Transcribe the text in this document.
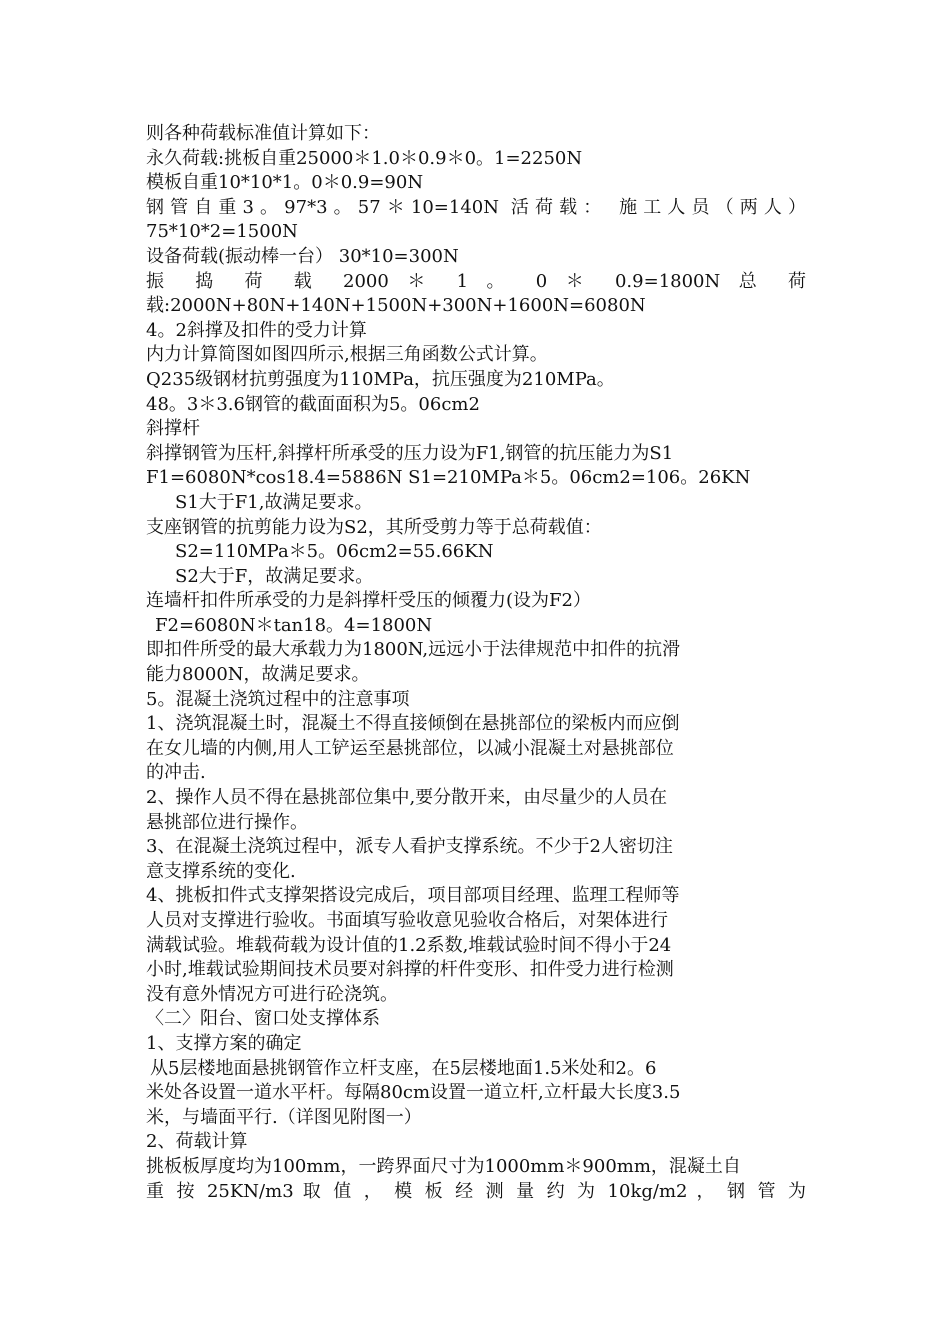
则各种荷载标准值计算如下：
永久荷载:挑板自重25000＊1.0＊0.9＊0。1=2250N
模板自重10*10*1。0＊0.9=90N
钢管自重3。97*3。57＊10=140N 活荷载： 施工人员（两人）
75*10*2=1500N
设备荷载(振动棒一台） 30*10=300N
振 捣 荷 载 2000 ＊ 1 。 0 ＊ 0.9=1800N 总 荷
载:2000N+80N+140N+1500N+300N+1600N=6080N
4。2斜撑及扣件的受力计算
内力计算简图如图四所示,根据三角函数公式计算。
Q235级钢材抗剪强度为110MPa，抗压强度为210MPa。
48。3＊3.6钢管的截面面积为5。06cm2
斜撑杆
斜撑钢管为压杆,斜撑杆所承受的压力设为F1,钢管的抗压能力为S1
F1=6080N*cos18.4=5886N S1=210MPa＊5。06cm2=106。26KN
S1大于F1,故满足要求。
支座钢管的抗剪能力设为S2，其所受剪力等于总荷载值：
S2=110MPa＊5。06cm2=55.66KN
S2大于F，故满足要求。
连墙杆扣件所承受的力是斜撑杆受压的倾覆力(设为F2）
F2=6080N＊tan18。4=1800N
即扣件所受的最大承载力为1800N,远远小于法律规范中扣件的抗滑
能力8000N，故满足要求。
5。混凝土浇筑过程中的注意事项
1、浇筑混凝土时，混凝土不得直接倾倒在悬挑部位的梁板内而应倒
在女儿墙的内侧,用人工铲运至悬挑部位，以减小混凝土对悬挑部位
的冲击.
2、操作人员不得在悬挑部位集中,要分散开来，由尽量少的人员在
悬挑部位进行操作。
3、在混凝土浇筑过程中，派专人看护支撑系统。不少于2人密切注
意支撑系统的变化.
4、挑板扣件式支撑架搭设完成后，项目部项目经理、监理工程师等
人员对支撑进行验收。书面填写验收意见验收合格后，对架体进行
满载试验。堆载荷载为设计值的1.2系数,堆载试验时间不得小于24
小时,堆载试验期间技术员要对斜撑的杆件变形、扣件受力进行检测
没有意外情况方可进行砼浇筑。
〈二〉阳台、窗口处支撑体系
1、支撑方案的确定
从5层楼地面悬挑钢管作立杆支座，在5层楼地面1.5米处和2。6
米处各设置一道水平杆。每隔80cm设置一道立杆,立杆最大长度3.5
米，与墙面平行.（详图见附图一）
2、荷载计算
挑板板厚度均为100mm，一跨界面尺寸为1000mm＊900mm，混凝土自
重 按 25KN/m3 取 值 ， 模 板 经 测 量 约 为 10kg/m2 ， 钢 管 为
